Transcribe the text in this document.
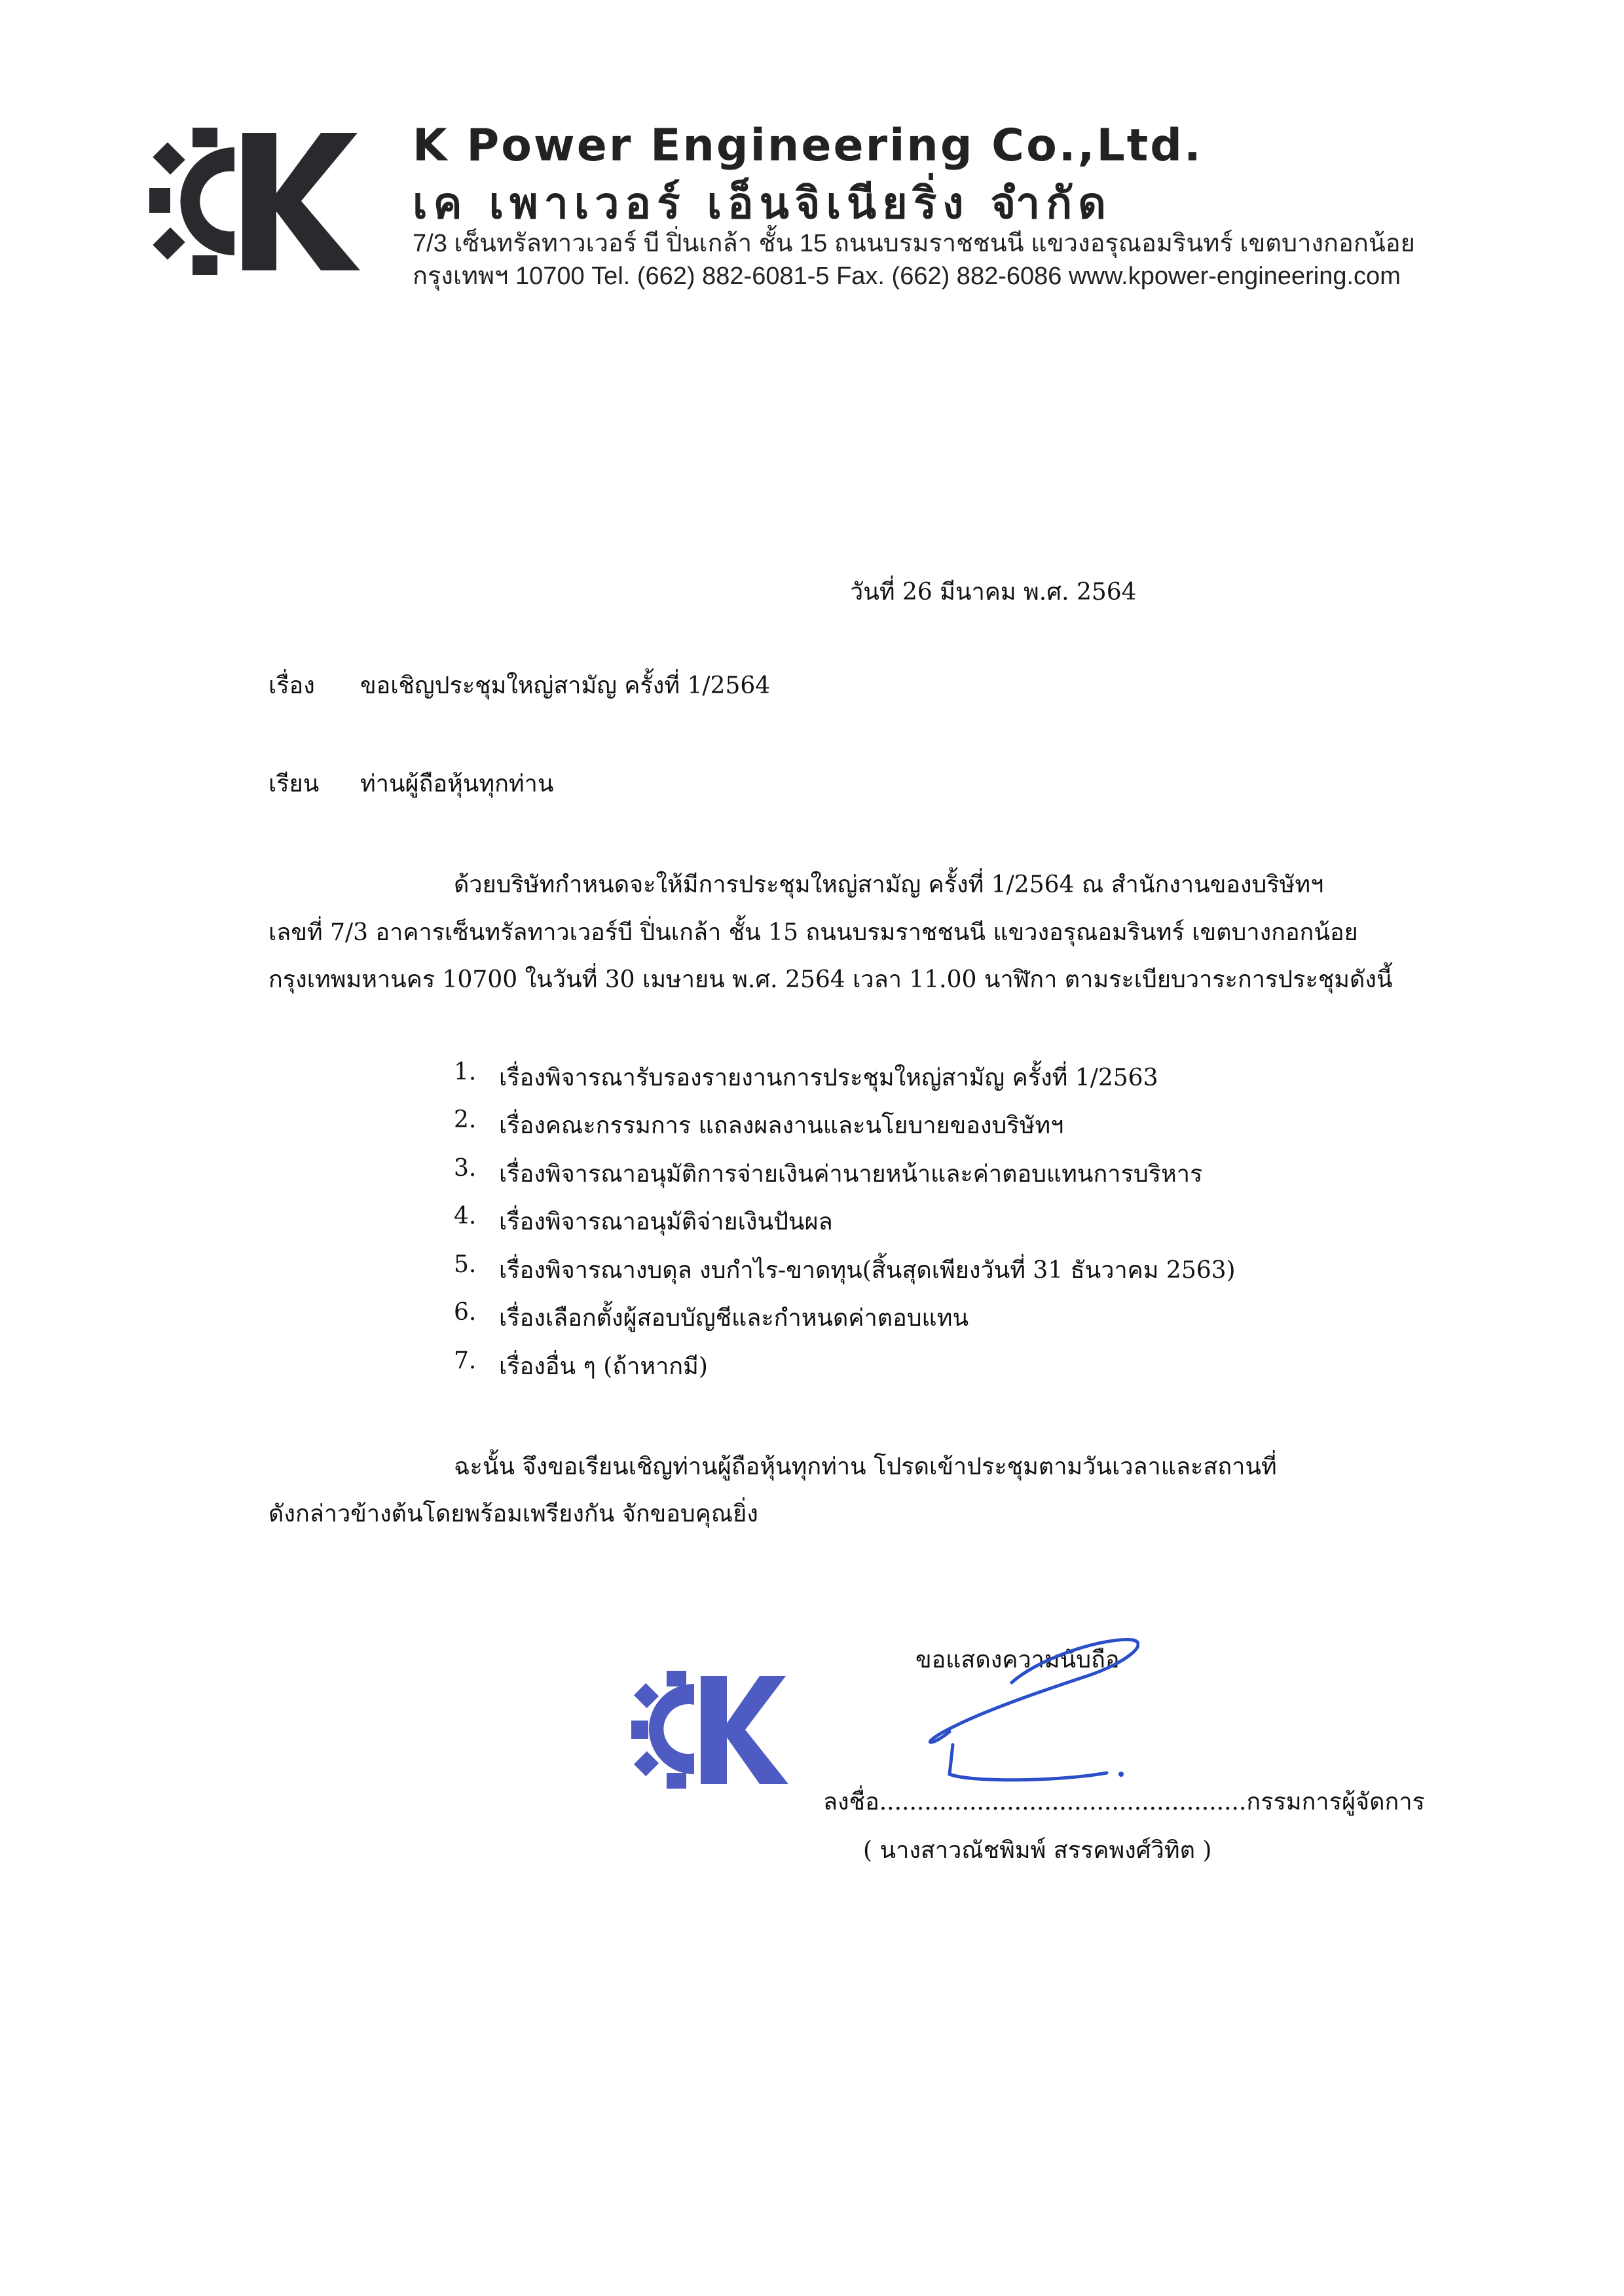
K Power Engineering Co.,Ltd.
เค เพาเวอร์ เอ็นจิเนียริ่ง จำกัด
7/3 เซ็นทรัลทาวเวอร์ บี ปิ่นเกล้า ชั้น 15 ถนนบรมราชชนนี แขวงอรุณอมรินทร์ เขตบางกอกน้อย
กรุงเทพฯ 10700 Tel. (662) 882-6081-5 Fax. (662) 882-6086 www.kpower-engineering.com
วันที่ 26 มีนาคม พ.ศ. 2564
เรื่อง ขอเชิญประชุมใหญ่สามัญ ครั้งที่ 1/2564
เรียน ท่านผู้ถือหุ้นทุกท่าน
ด้วยบริษัทกำหนดจะให้มีการประชุมใหญ่สามัญ ครั้งที่ 1/2564 ณ สำนักงานของบริษัทฯ
เลขที่ 7/3 อาคารเซ็นทรัลทาวเวอร์บี ปิ่นเกล้า ชั้น 15 ถนนบรมราชชนนี แขวงอรุณอมรินทร์ เขตบางกอกน้อย
กรุงเทพมหานคร 10700 ในวันที่ 30 เมษายน พ.ศ. 2564 เวลา 11.00 นาฬิกา ตามระเบียบวาระการประชุมดังนี้
1. เรื่องพิจารณารับรองรายงานการประชุมใหญ่สามัญ ครั้งที่ 1/2563
2. เรื่องคณะกรรมการ แถลงผลงานและนโยบายของบริษัทฯ
3. เรื่องพิจารณาอนุมัติการจ่ายเงินค่านายหน้าและค่าตอบแทนการบริหาร
4. เรื่องพิจารณาอนุมัติจ่ายเงินปันผล
5. เรื่องพิจารณางบดุล งบกำไร-ขาดทุน(สิ้นสุดเพียงวันที่ 31 ธันวาคม 2563)
6. เรื่องเลือกตั้งผู้สอบบัญชีและกำหนดค่าตอบแทน
7. เรื่องอื่น ๆ (ถ้าหากมี)
ฉะนั้น จึงขอเรียนเชิญท่านผู้ถือหุ้นทุกท่าน โปรดเข้าประชุมตามวันเวลาและสถานที่
ดังกล่าวข้างต้นโดยพร้อมเพรียงกัน จักขอบคุณยิ่ง
ขอแสดงความนับถือ
ลงชื่อ.................................................กรรมการผู้จัดการ
( นางสาวณัชพิมพ์ สรรคพงศ์วิทิต )
